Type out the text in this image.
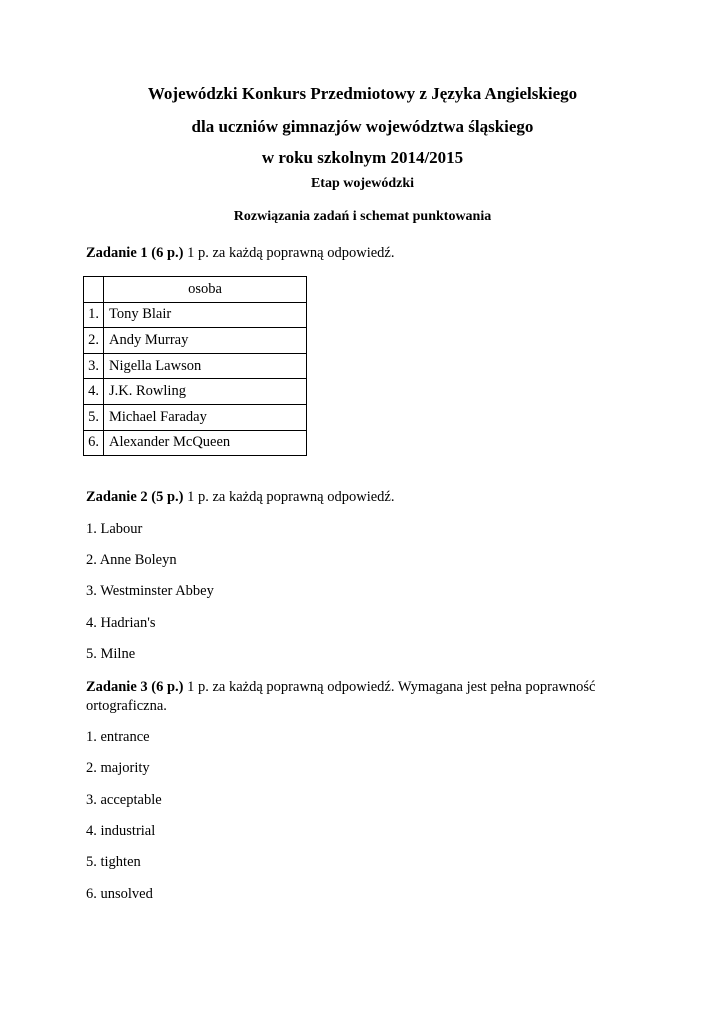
Wojewódzki Konkurs Przedmiotowy z Języka Angielskiego
dla uczniów gimnazjów województwa śląskiego
w roku szkolnym 2014/2015
Etap wojewódzki
Rozwiązania zadań i schemat punktowania
Zadanie 1 (6 p.) 1 p. za każdą poprawną odpowiedź.
	osoba
1.	Tony Blair
2.	Andy Murray
3.	Nigella Lawson
4.	J.K. Rowling
5.	Michael Faraday
6.	Alexander McQueen
Zadanie 2 (5 p.) 1 p. za każdą poprawną odpowiedź.
1. Labour
2. Anne Boleyn
3. Westminster Abbey
4. Hadrian's
5. Milne
Zadanie 3 (6 p.) 1 p. za każdą poprawną odpowiedź. Wymagana jest pełna poprawność ortograficzna.
1. entrance
2. majority
3. acceptable
4. industrial
5. tighten
6. unsolved
